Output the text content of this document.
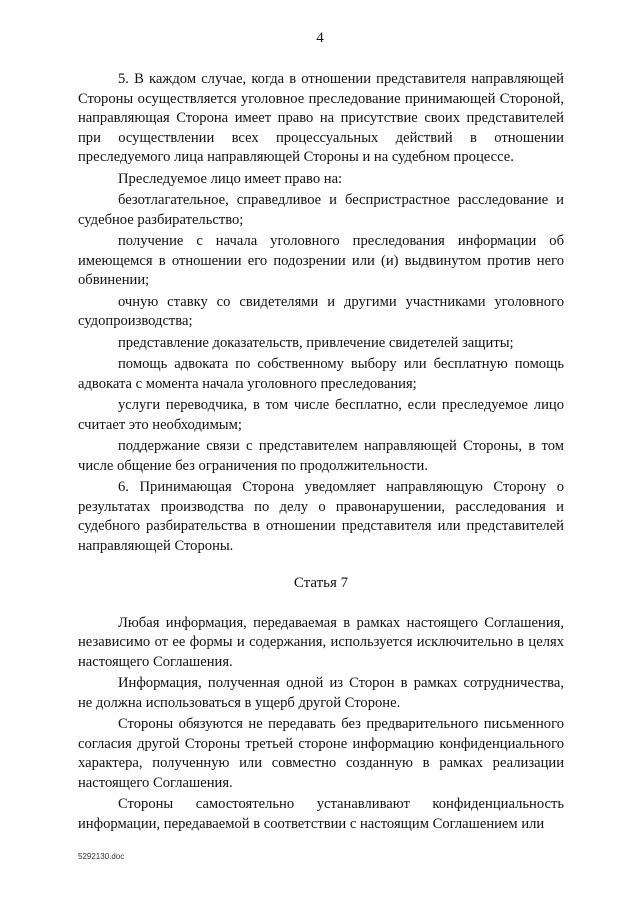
4

5. В каждом случае, когда в отношении представителя направляющей Стороны осуществляется уголовное преследование принимающей Стороной, направляющая Сторона имеет право на присутствие своих представителей при осуществлении всех процессуальных действий в отношении преследуемого лица направляющей Стороны и на судебном процессе.

Преследуемое лицо имеет право на:

безотлагательное, справедливое и беспристрастное расследование и судебное разбирательство;

получение с начала уголовного преследования информации об имеющемся в отношении его подозрении или (и) выдвинутом против него обвинении;

очную ставку со свидетелями и другими участниками уголовного судопроизводства;

представление доказательств, привлечение свидетелей защиты;

помощь адвоката по собственному выбору или бесплатную помощь адвоката с момента начала уголовного преследования;

услуги переводчика, в том числе бесплатно, если преследуемое лицо считает это необходимым;

поддержание связи с представителем направляющей Стороны, в том числе общение без ограничения по продолжительности.

6. Принимающая Сторона уведомляет направляющую Сторону о результатах производства по делу о правонарушении, расследования и судебного разбирательства в отношении представителя или представителей направляющей Стороны.

Статья 7

Любая информация, передаваемая в рамках настоящего Соглашения, независимо от ее формы и содержания, используется исключительно в целях настоящего Соглашения.

Информация, полученная одной из Сторон в рамках сотрудничества, не должна использоваться в ущерб другой Стороне.

Стороны обязуются не передавать без предварительного письменного согласия другой Стороны третьей стороне информацию конфиденциального характера, полученную или совместно созданную в рамках реализации настоящего Соглашения.

Стороны самостоятельно устанавливают конфиденциальность информации, передаваемой в соответствии с настоящим Соглашением или

5292130.doc
